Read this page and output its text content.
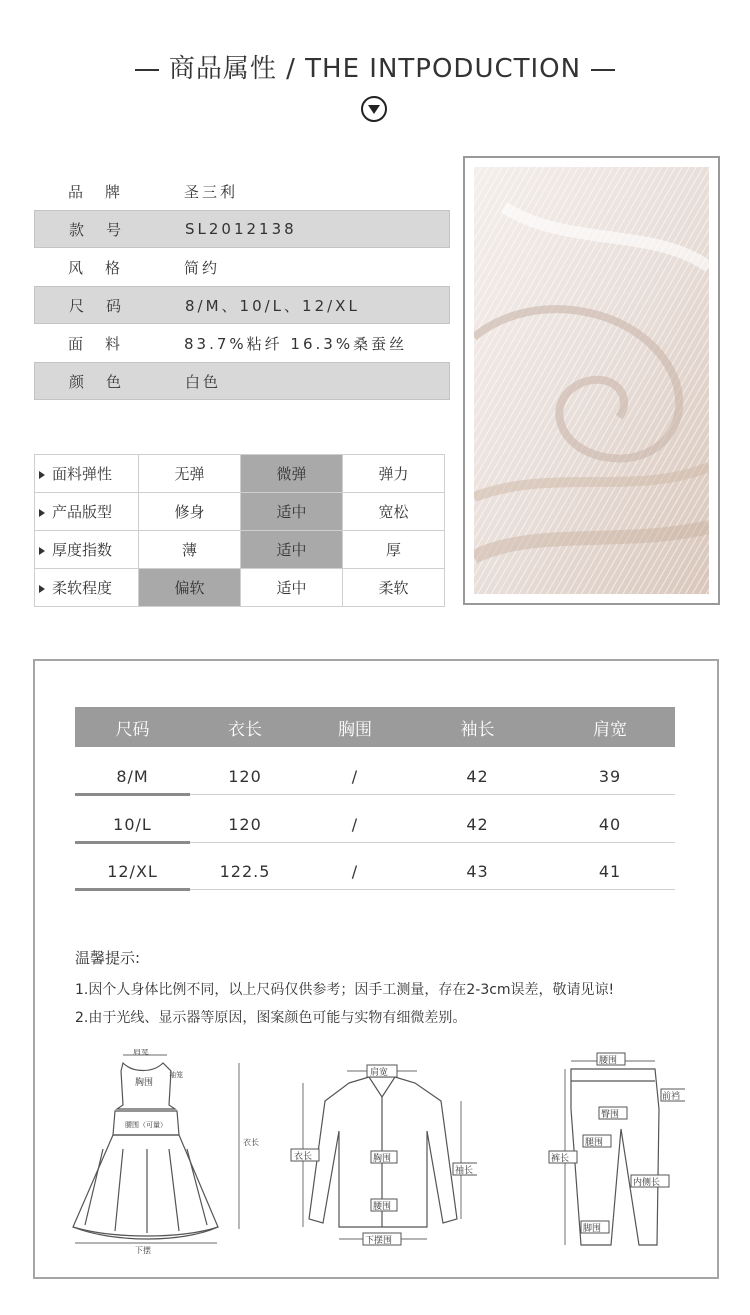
商品属性 / THE INTPODUCTION
品牌	圣三利
款号	SL2012138
风格	简约
尺码	8/M、10/L、12/XL
面料	83.7%粘纤 16.3%桑蚕丝
颜色	白色
面料弹性	无弹	微弹	弹力
产品版型	修身	适中	宽松
厚度指数	薄	适中	厚
柔软程度	偏软	适中	柔软
尺码	衣长	胸围	袖长	肩宽
8/M	120	/	42	39
10/L	120	/	42	40
12/XL	122.5	/	43	41
温馨提示:
1.因个人身体比例不同，以上尺码仅供参考；因手工测量，存在2-3cm误差，敬请见谅!
2.由于光线、显示器等原因，图案颜色可能与实物有细微差别。
肩宽
胸围
袖笼
腰围（可量）
衣长
下摆
肩宽
衣长	胸围
袖长
腰围
下摆围
腰围
前裆
臀围
腿围
裤长
内侧长
脚围
